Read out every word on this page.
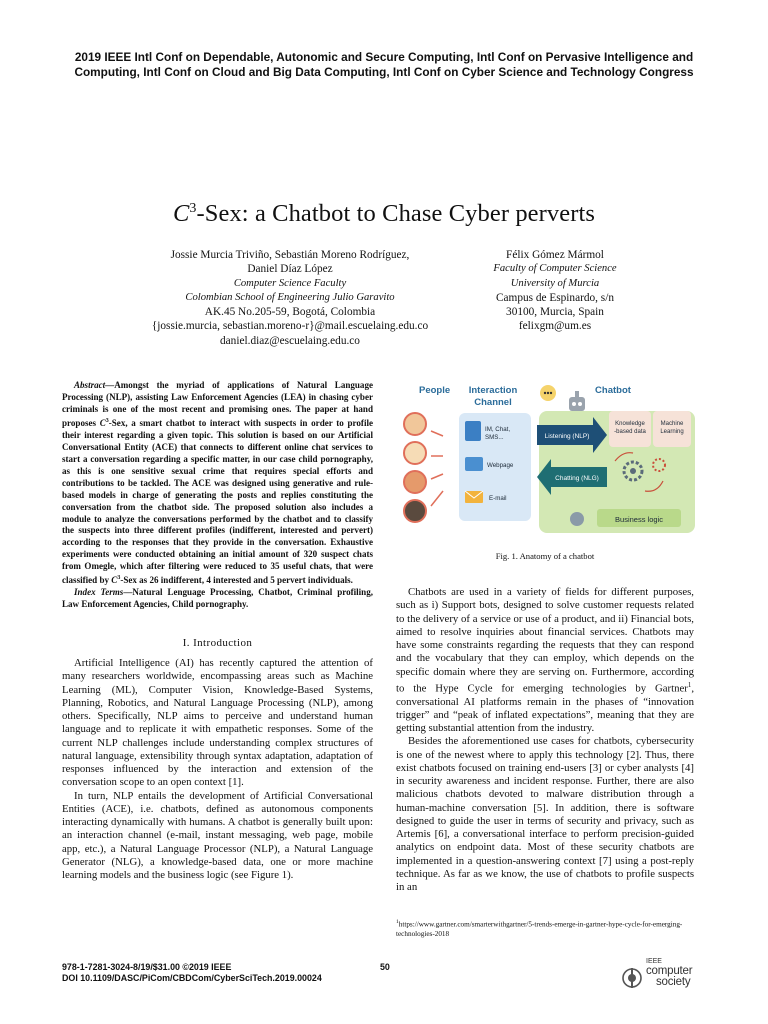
2019 IEEE Intl Conf on Dependable, Autonomic and Secure Computing, Intl Conf on Pervasive Intelligence and
Computing, Intl Conf on Cloud and Big Data Computing, Intl Conf on Cyber Science and Technology Congress
$C^3$-Sex: a Chatbot to Chase Cyber perverts
Jossie Murcia Triviño, Sebastián Moreno Rodríguez,
Daniel Díaz López
Computer Science Faculty
Colombian School of Engineering Julio Garavito
AK.45 No.205-59, Bogotá, Colombia
{jossie.murcia, sebastian.moreno-r}@mail.escuelaing.edu.co
daniel.diaz@escuelaing.edu.co
Félix Gómez Mármol
Faculty of Computer Science
University of Murcia
Campus de Espinardo, s/n
30100, Murcia, Spain
felixgm@um.es

Abstract—Amongst the myriad of applications of Natural Language Processing (NLP), assisting Law Enforcement Agencies (LEA) in chasing cyber criminals is one of the most recent and promising ones. The paper at hand proposes $C^3$-Sex, a smart chatbot to interact with suspects in order to profile their interest regarding a given topic. This solution is based on our Artificial Conversational Entity (ACE) that connects to different online chat services to start a conversation regarding a specific matter, in our case child pornography, as this is one sensitive sexual crime that requires special efforts and contributions to be tackled. The ACE was designed using generative and rule-based models in charge of generating the posts and replies constituting the conversation from the chatbot side. The proposed solution also includes a module to analyze the conversations performed by the chatbot and to classify the suspects into three different profiles (indifferent, interested and pervert) according to the responses that they provide in the conversation. Exhaustive experiments were conducted obtaining an initial amount of 320 suspect chats from Omegle, which after filtering were reduced to 35 useful chats, that were classified by $C^3$-Sex as 26 indifferent, 4 interested and 5 pervert individuals.

Index Terms—Natural Lenguage Processing, Chatbot, Criminal profiling, Law Enforcement Agencies, Child pornography.

I. Introduction

Artificial Intelligence (AI) has recently captured the attention of many researchers worldwide, encompassing areas such as Machine Learning (ML), Computer Vision, Knowledge-Based Systems, Planning, Robotics, and Natural Language Processing (NLP), among others. Specifically, NLP aims to perceive and understand human language and to replicate it with empathetic responses. Some of the current NLP challenges include understanding complex structures of natural language, extensibility through syntax adaptation, adaptation of responses influenced by the interaction and extension of the conversation scope to an open context [1].

In turn, NLP entails the development of Artificial Conversational Entities (ACE), i.e. chatbots, defined as autonomous components interacting dynamically with humans. A chatbot is generally built upon: an interaction channel (e-mail, instant messaging, web page, mobile app, etc.), a Natural Language Processor (NLP), a Natural Language Generator (NLG), a knowledge-based data, one or more machine learning models and the business logic (see Figure 1).

People Interaction
Channel
Chatbot
IM, Chat,
SMS...
Webpage
E-mail
Listening (NLP)
Chatting (NLG)
Knowledge
-based data
Machine
Learning
Business logic
Fig. 1. Anatomy of a chatbot

Chatbots are used in a variety of fields for different purposes, such as i) Support bots, designed to solve customer requests related to the delivery of a service or use of a product, and ii) Financial bots, aimed to resolve inquiries about financial services. Chatbots may have some constraints regarding the requests that they can respond and the vocabulary that they can employ, which depends on the specific domain where they are serving on. Furthermore, according to the Hype Cycle for emerging technologies by Gartner$^1$, conversational AI platforms remain in the phases of “innovation trigger” and “peak of inflated expectations”, meaning that they are getting substantial attention from the industry.

Besides the aforementioned use cases for chatbots, cybersecurity is one of the newest where to apply this technology [2]. Thus, there exist chatbots focused on training end-users [3] or cyber analysts [4] in security awareness and incident response. Further, there are also malicious chatbots devoted to malware distribution through a human-machine conversation [5]. In addition, there is software designed to guide the user in terms of security and privacy, such as Artemis [6], a conversational interface to perform precision-guided analytics on endpoint data. Most of these security chatbots are implemented in a question-answering context [7] using a post-reply technique. As far as we know, the use of chatbots to profile suspects in an

$^1$https://www.gartner.com/smarterwithgartner/5-trends-emerge-in-gartner-hype-cycle-for-emerging-technologies-2018
978-1-7281-3024-8/19/$31.00 ©2019 IEEE
DOI 10.1109/DASC/PiCom/CBDCom/CyberSciTech.2019.00024
50
IEEE
computer
society
